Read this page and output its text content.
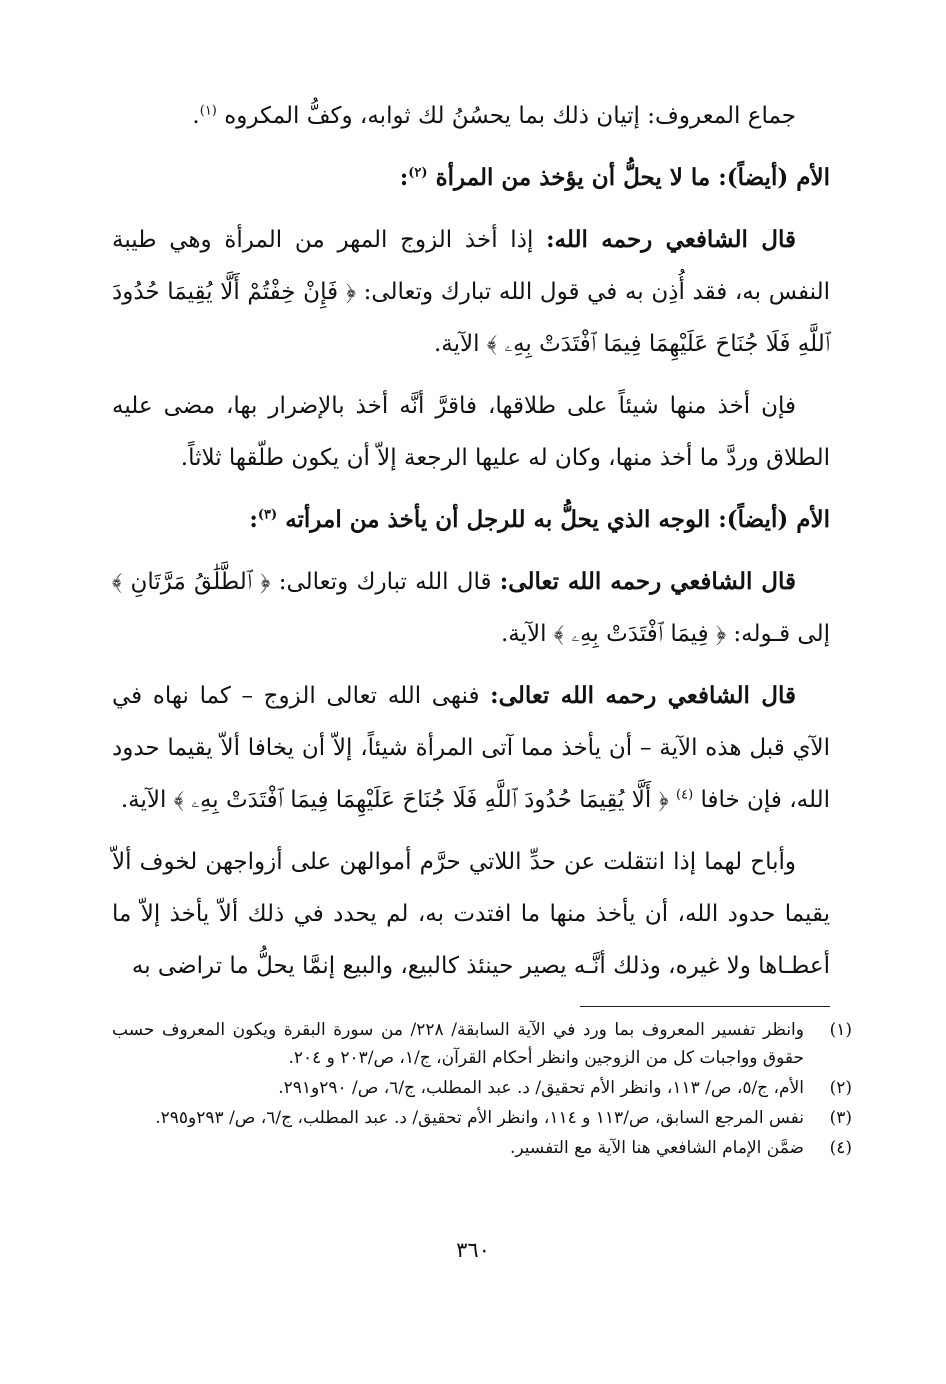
جماع المعروف: إتيان ذلك بما يحسُنُ لك ثوابه، وكفُّ المكروه $^{(١)}$.

الأم (أيضاً): ما لا يحلُّ أن يؤخذ من المرأة $^{(٢)}$:

قال الشافعي رحمه الله: إذا أخذ الزوج المهر من المرأة وهي طيبة النفس به، فقد أُذِن به في قول الله تبارك وتعالى: ﴿ فَإِنْ خِفْتُمْ أَلَّا يُقِيمَا حُدُودَ ٱللَّهِ فَلَا جُنَاحَ عَلَيْهِمَا فِيمَا ٱفْتَدَتْ بِهِۦ ﴾ الآية.

فإن أخذ منها شيئاً على طلاقها، فاقرَّ أنَّه أخذ بالإضرار بها، مضى عليه الطلاق وردَّ ما أخذ منها، وكان له عليها الرجعة إلاّ أن يكون طلّقها ثلاثاً.

الأم (أيضاً): الوجه الذي يحلُّ به للرجل أن يأخذ من امرأته $^{(٣)}$:

قال الشافعي رحمه الله تعالى: قال الله تبارك وتعالى: ﴿ ٱلطَّلَٰقُ مَرَّتَانِ ﴾ إلى قـوله: ﴿ فِيمَا ٱفْتَدَتْ بِهِۦ ﴾ الآية.

قال الشافعي رحمه الله تعالى: فنهى الله تعالى الزوج – كما نهاه في الآي قبل هذه الآية – أن يأخذ مما آتى المرأة شيئاً، إلاّ أن يخافا ألاّ يقيما حدود الله، فإن خافا $^{(٤)}$ ﴿ أَلَّا يُقِيمَا حُدُودَ ٱللَّهِ فَلَا جُنَاحَ عَلَيْهِمَا فِيمَا ٱفْتَدَتْ بِهِۦ ﴾ الآية.

وأباح لهما إذا انتقلت عن حدِّ اللاتي حرَّم أموالهن على أزواجهن لخوف ألاّ يقيما حدود الله، أن يأخذ منها ما افتدت به، لم يحدد في ذلك ألاّ يأخذ إلاّ ما أعطـاها ولا غيره، وذلك أنَّـه يصير حينئذ كالبيع، والبيع إنمَّا يحلُّ ما تراضى به

(١)
وانظر تفسير المعروف بما ورد في الآية السابقة/ ٢٢٨/ من سورة البقرة ويكون المعروف حسب حقوق وواجبات كل من الزوجين وانظر أحكام القرآن، ج/١، ص/٢٠٣ و ٢٠٤.
(٢)
الأم، ج/٥، ص/ ١١٣، وانظر الأم تحقيق/ د. عبد المطلب، ج/٦، ص/ ٢٩٠و٢٩١.
(٣)
نفس المرجع السابق، ص/١١٣ و ١١٤، وانظر الأم تحقيق/ د. عبد المطلب، ج/٦، ص/ ٢٩٣و٢٩٥.
(٤)
ضمَّن الإمام الشافعي هنا الآية مع التفسير.
٣٦٠
